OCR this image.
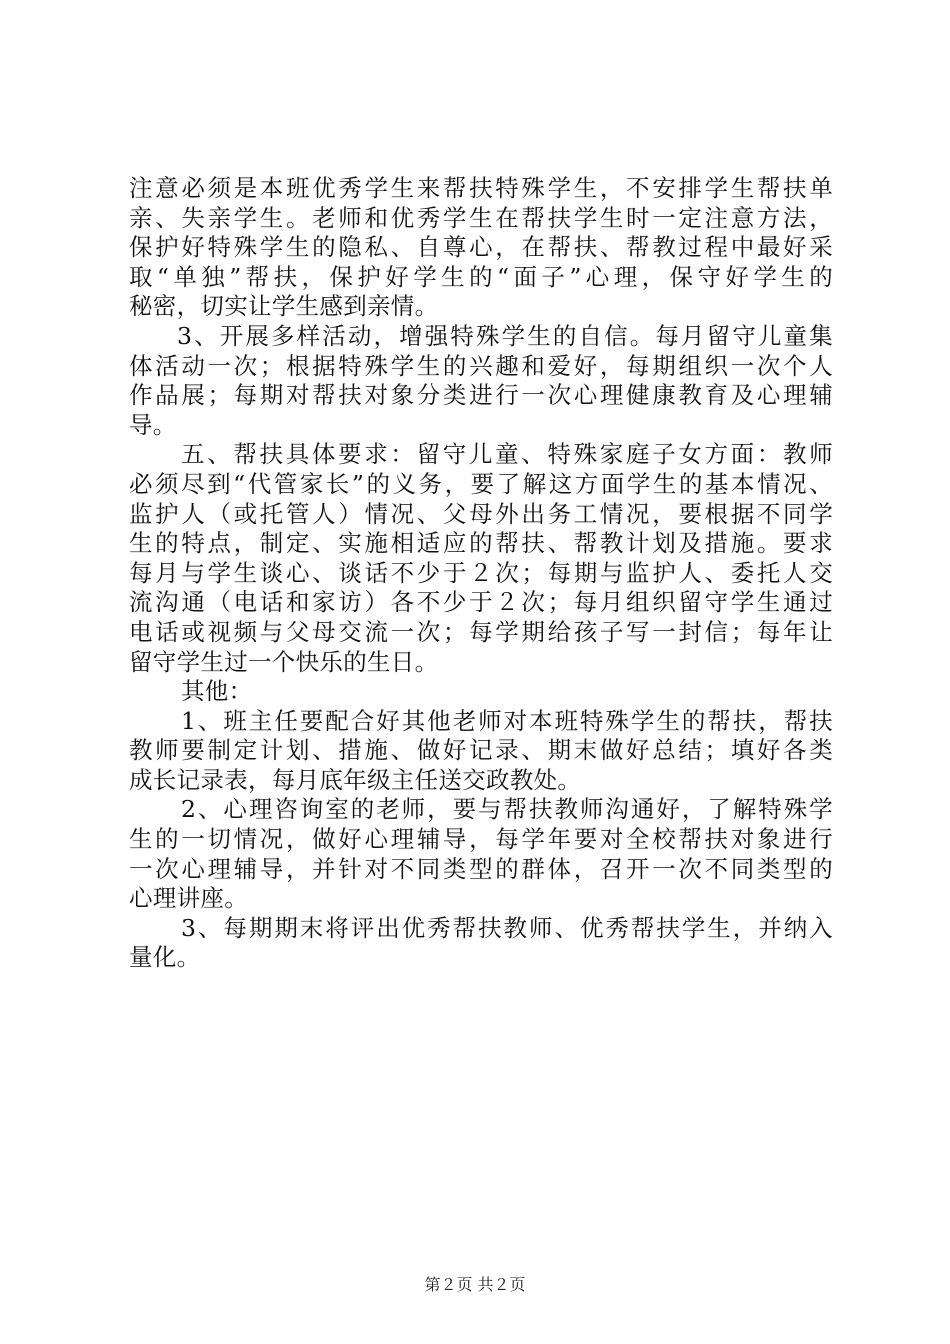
注意必须是本班优秀学生来帮扶特殊学生，不安排学生帮扶单
亲、失亲学生。老师和优秀学生在帮扶学生时一定注意方法，
保护好特殊学生的隐私、自尊心，在帮扶、帮教过程中最好采
取“单独”帮扶，保护好学生的“面子”心理，保守好学生的
秘密，切实让学生感到亲情。
3、开展多样活动，增强特殊学生的自信。每月留守儿童集
体活动一次；根据特殊学生的兴趣和爱好，每期组织一次个人
作品展；每期对帮扶对象分类进行一次心理健康教育及心理辅
导。
五、帮扶具体要求：留守儿童、特殊家庭子女方面：教师
必须尽到“代管家长”的义务，要了解这方面学生的基本情况、
监护人（或托管人）情况、父母外出务工情况，要根据不同学
生的特点，制定、实施相适应的帮扶、帮教计划及措施。要求
每月与学生谈心、谈话不少于２次；每期与监护人、委托人交
流沟通（电话和家访）各不少于２次；每月组织留守学生通过
电话或视频与父母交流一次；每学期给孩子写一封信；每年让
留守学生过一个快乐的生日。
其他：
1、班主任要配合好其他老师对本班特殊学生的帮扶，帮扶
教师要制定计划、措施、做好记录、期末做好总结；填好各类
成长记录表，每月底年级主任送交政教处。
2、心理咨询室的老师，要与帮扶教师沟通好，了解特殊学
生的一切情况，做好心理辅导，每学年要对全校帮扶对象进行
一次心理辅导，并针对不同类型的群体，召开一次不同类型的
心理讲座。
3、每期期末将评出优秀帮扶教师、优秀帮扶学生，并纳入
量化。
第２页 共２页
